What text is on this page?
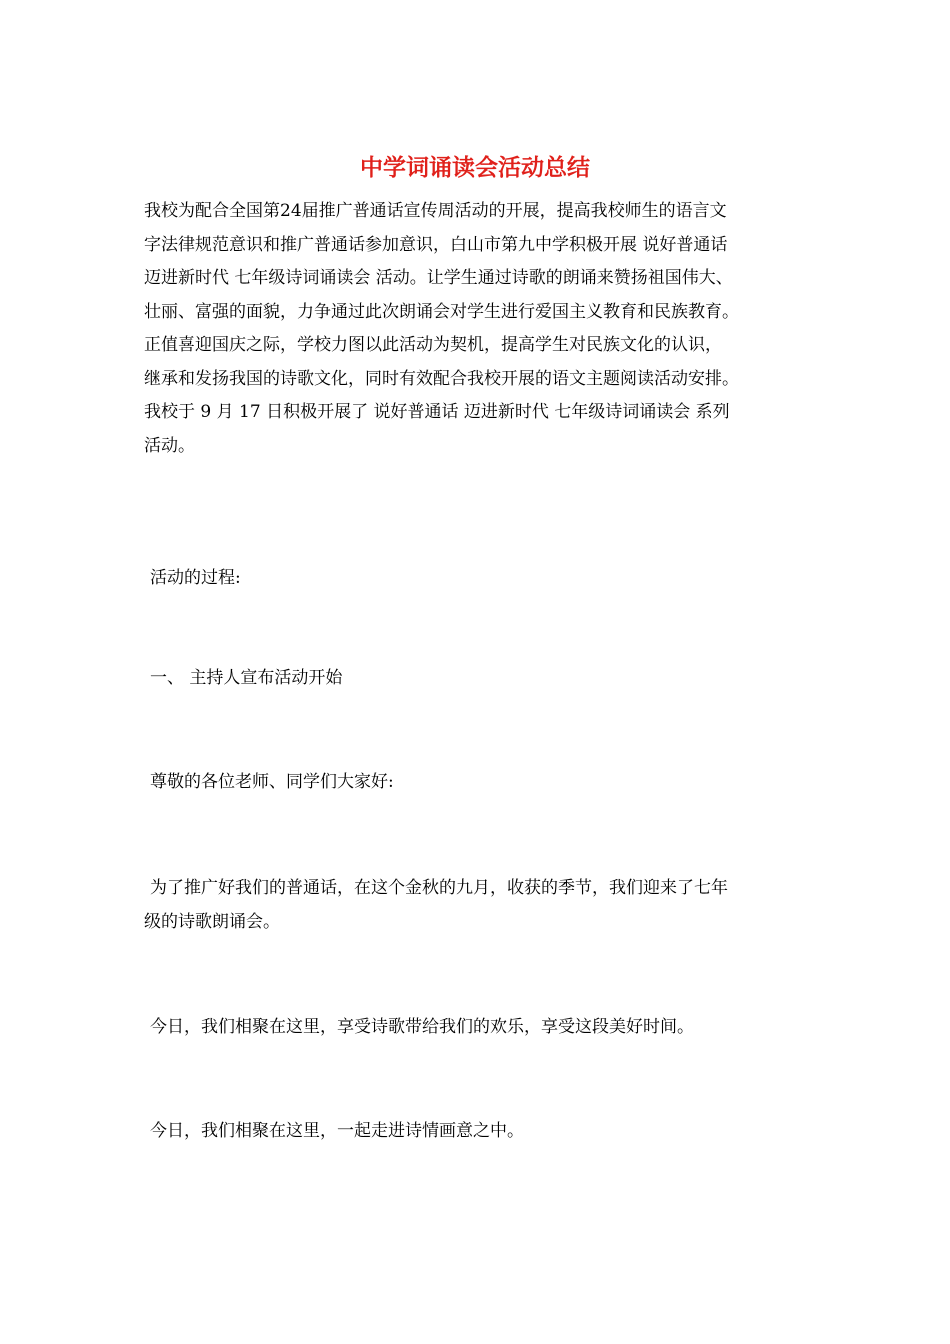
中学词诵读会活动总结
我校为配合全国第24届推广普通话宣传周活动的开展，提高我校师生的语言文
字法律规范意识和推广普通话参加意识，白山市第九中学积极开展 说好普通话
迈进新时代 七年级诗词诵读会 活动。让学生通过诗歌的朗诵来赞扬祖国伟大、
壮丽、富强的面貌，力争通过此次朗诵会对学生进行爱国主义教育和民族教育。
正值喜迎国庆之际，学校力图以此活动为契机，提高学生对民族文化的认识，
继承和发扬我国的诗歌文化，同时有效配合我校开展的语文主题阅读活动安排。
我校于 9 月 17 日积极开展了 说好普通话 迈进新时代 七年级诗词诵读会 系列
活动。
活动的过程:
一、 主持人宣布活动开始
尊敬的各位老师、同学们大家好:
为了推广好我们的普通话，在这个金秋的九月，收获的季节，我们迎来了七年
级的诗歌朗诵会。
今日，我们相聚在这里，享受诗歌带给我们的欢乐，享受这段美好时间。
今日，我们相聚在这里，一起走进诗情画意之中。
